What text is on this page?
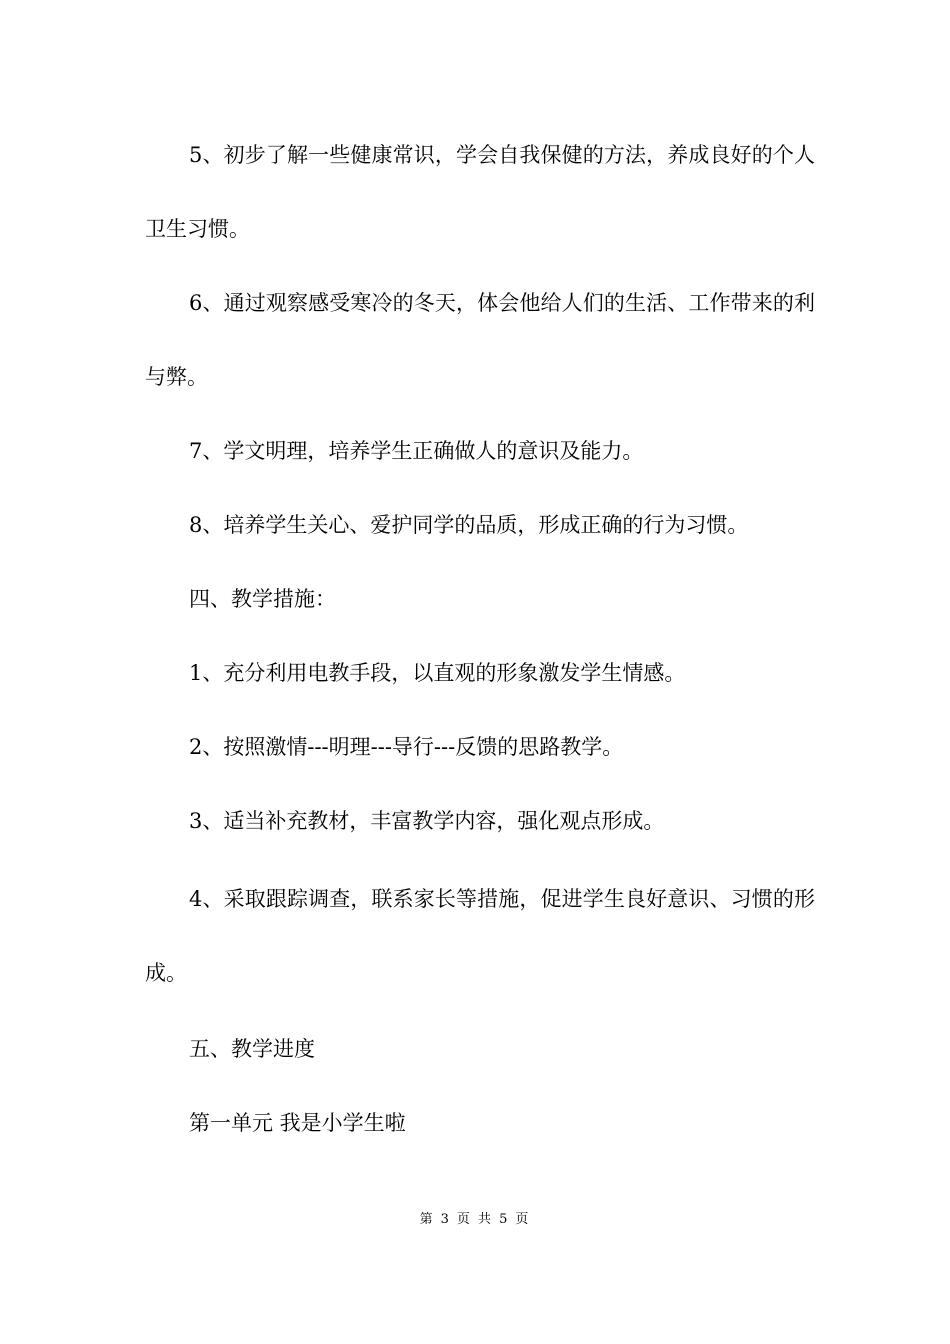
5、初步了解一些健康常识，学会自我保健的方法，养成良好的个人卫生习惯。

6、通过观察感受寒冷的冬天，体会他给人们的生活、工作带来的利与弊。

7、学文明理，培养学生正确做人的意识及能力。

8、培养学生关心、爱护同学的品质，形成正确的行为习惯。

四、教学措施：

1、充分利用电教手段，以直观的形象激发学生情感。

2、按照激情---明理---导行---反馈的思路教学。

3、适当补充教材，丰富教学内容，强化观点形成。

4、采取跟踪调查，联系家长等措施，促进学生良好意识、习惯的形成。

五、教学进度

第一单元 我是小学生啦

第 3 页 共 5 页
